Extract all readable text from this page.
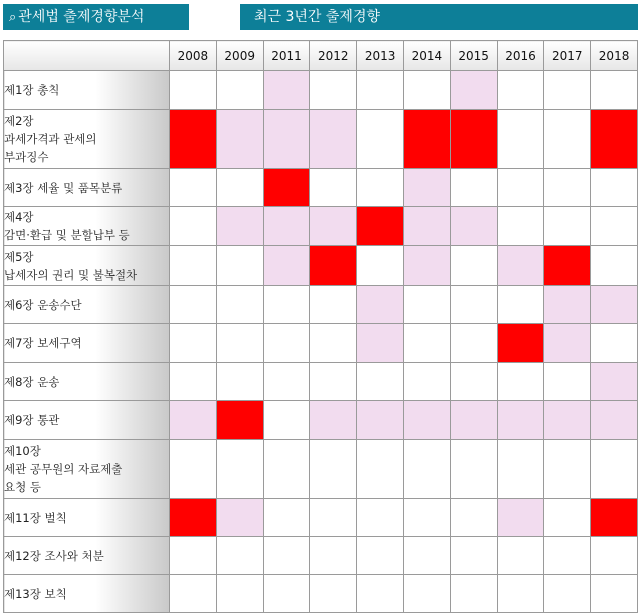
⌕ 관세법 출제경향분석	최근 3년간 출제경향
	2008	2009	2011	2012	2013	2014	2015	2016	2017	2018

제1장 총칙										

제2장
과세가격과 관세의
부과징수										

제3장 세율 및 품목분류										

제4장
감면·환급 및 분할납부 등										

제5장
납세자의 권리 및 불복절차										

제6장 운송수단										

제7장 보세구역										

제8장 운송										

제9장 통관										

제10장
세관 공무원의 자료제출
요청 등										

제11장 벌칙										

제12장 조사와 처분										

제13장 보칙										
